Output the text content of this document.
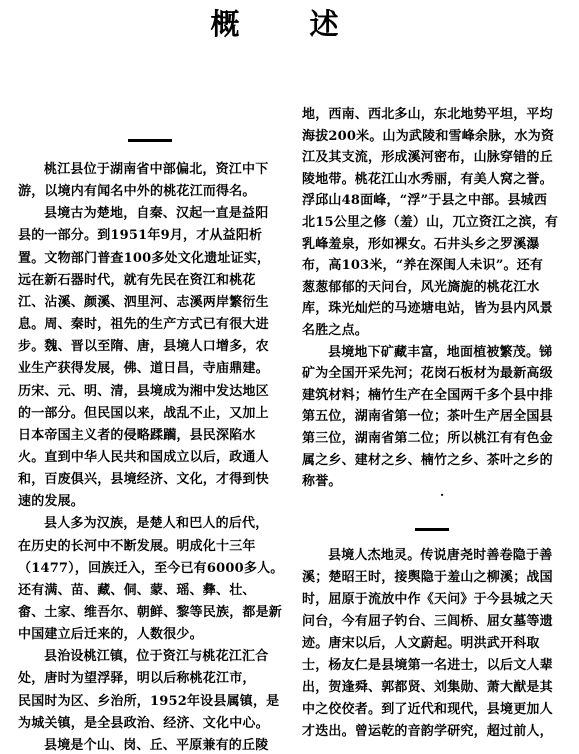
概 述
桃江县位于湖南省中部偏北，资江中下
游，以境内有闻名中外的桃花江而得名。
县境古为楚地，自秦、汉起一直是益阳
县的一部分。到1951年9月，才从益阳析
置。文物部门普查100多处文化遗址证实，
远在新石器时代，就有先民在资江和桃花
江、沾溪、颜溪、泗里河、志溪两岸繁衍生
息。周、秦时，祖先的生产方式已有很大进
步。魏、晋以至隋、唐，县境人口增多，农
业生产获得发展，佛、道日昌，寺庙鼎建。
历宋、元、明、清，县境成为湘中发达地区
的一部分。但民国以来，战乱不止，又加上
日本帝国主义者的侵略蹂躏，县民深陷水
火。直到中华人民共和国成立以后，政通人
和，百废俱兴，县境经济、文化，才得到快
速的发展。
县人多为汉族，是楚人和巴人的后代，
在历史的长河中不断发展。明成化十三年
（1477），回族迁入，至今已有6000多人。
还有满、苗、藏、侗、蒙、瑶、彝、壮、
畲、土家、维吾尔、朝鲜、黎等民族，都是新
中国建立后迁来的，人数很少。
县治设桃江镇，位于资江与桃花江汇合
处，唐时为望浮驿，明以后称桃花江市，
民国时为区、乡治所，1952年设县属镇，是
为城关镇，是全县政治、经济、文化中心。
县境是个山、岗、丘、平原兼有的丘陵
地，西南、西北多山，东北地势平坦，平均
海拔200米。山为武陵和雪峰余脉，水为资
江及其支流，形成溪河密布，山脉穿错的丘
陵地带。桃花江山水秀丽，有美人窝之誉。
浮邱山48面峰，“浮”于县之中部。县城西
北15公里之修（羞）山，兀立资江之滨，有
乳峰羞泉，形如裸女。石井头乡之罗溪瀑
布，高103米，“养在深闺人未识”。还有
葱葱郁郁的天问台，风光旖旎的桃花江水
库，珠光灿烂的马迹塘电站，皆为县内风景
名胜之点。
县境地下矿藏丰富，地面植被繁茂。锑
矿为全国开采先河；花岗石板材为最新高级
建筑材料；楠竹生产在全国两千多个县中排
第五位，湖南省第一位；茶叶生产居全国县
第三位，湖南省第二位；所以桃江有有色金
属之乡、建材之乡、楠竹之乡、茶叶之乡的
称誉。
·
县境人杰地灵。传说唐尧时善卷隐于善
溪；楚昭王时，接舆隐于羞山之柳溪；战国
时，屈原于流放中作《天问》于今县城之天
问台，今有屈子钓台、三闾桥、屈女墓等遗
迹。唐宋以后，人文蔚起。明洪武开科取
士，杨友仁是县境第一名进士，以后文人辈
出，贺逢舜、郭都贤、刘集勋、萧大猷是其
中之佼佼者。到了近代和现代，县境更加人
才迭出。曾运乾的音韵学研究，超过前人，
